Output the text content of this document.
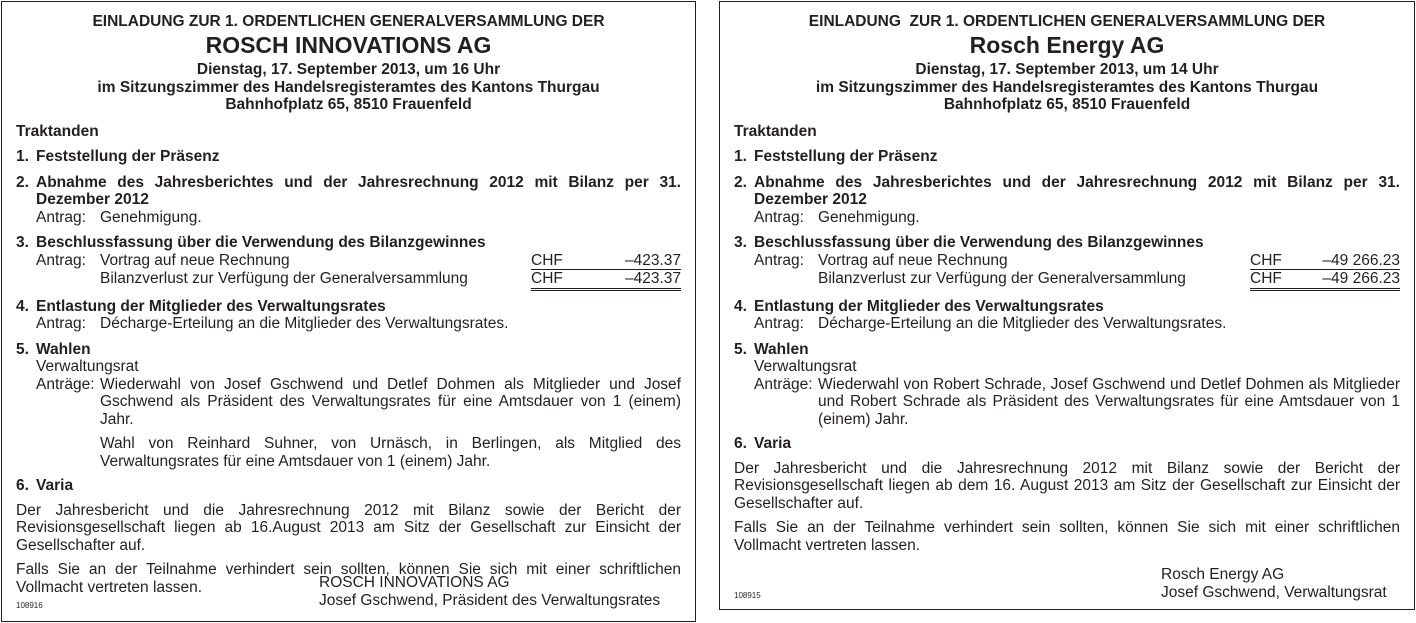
EINLADUNG ZUR 1. ORDENTLICHEN GENERALVERSAMMLUNG DER
ROSCH INNOVATIONS AG
Dienstag, 17. September 2013, um 16 Uhr
im Sitzungszimmer des Handelsregisteramtes des Kantons Thurgau
Bahnhofplatz 65, 8510 Frauenfeld
Traktanden
1. Feststellung der Präsenz
2. Abnahme des Jahresberichtes und der Jahresrechnung 2012 mit Bilanz per 31. Dezember 2012
Antrag: Genehmigung.
3. Beschlussfassung über die Verwendung des Bilanzgewinnes
Antrag: Vortrag auf neue Rechnung	CHF	–423.37
Bilanzverlust zur Verfügung der Generalversammlung	CHF	–423.37
4. Entlastung der Mitglieder des Verwaltungsrates
Antrag: Décharge-Erteilung an die Mitglieder des Verwaltungsrates.
5. Wahlen
Verwaltungsrat
Anträge: Wiederwahl von Josef Gschwend und Detlef Dohmen als Mitglieder und Josef Gschwend als Präsident des Verwaltungsrates für eine Amtsdauer von 1 (einem) Jahr.
Wahl von Reinhard Suhner, von Urnäsch, in Berlingen, als Mitglied des Verwaltungsrates für eine Amtsdauer von 1 (einem) Jahr.
6. Varia
Der Jahresbericht und die Jahresrechnung 2012 mit Bilanz sowie der Bericht der Revisionsgesellschaft liegen ab 16.August 2013 am Sitz der Gesellschaft zur Einsicht der Gesellschafter auf.
Falls Sie an der Teilnahme verhindert sein sollten, können Sie sich mit einer schriftlichen Vollmacht vertreten lassen.	ROSCH INNOVATIONS AG
Josef Gschwend, Präsident des Verwaltungsrates
108916
EINLADUNG  ZUR 1. ORDENTLICHEN GENERALVERSAMMLUNG DER
Rosch Energy AG
Dienstag, 17. September 2013, um 14 Uhr
im Sitzungszimmer des Handelsregisteramtes des Kantons Thurgau
Bahnhofplatz 65, 8510 Frauenfeld
Traktanden
1. Feststellung der Präsenz
2. Abnahme des Jahresberichtes und der Jahresrechnung 2012 mit Bilanz per 31. Dezember 2012
Antrag: Genehmigung.
3. Beschlussfassung über die Verwendung des Bilanzgewinnes
Antrag: Vortrag auf neue Rechnung	CHF	–49 266.23
Bilanzverlust zur Verfügung der Generalversammlung	CHF	–49 266.23
4. Entlastung der Mitglieder des Verwaltungsrates
Antrag: Décharge-Erteilung an die Mitglieder des Verwaltungsrates.
5. Wahlen
Verwaltungsrat
Anträge: Wiederwahl von Robert Schrade, Josef Gschwend und Detlef Dohmen als Mitglieder und Robert Schrade als Präsident des Verwaltungsrates für eine Amtsdauer von 1 (einem) Jahr.
6. Varia
Der Jahresbericht und die Jahresrechnung 2012 mit Bilanz sowie der Bericht der Revisionsgesellschaft liegen ab dem 16. August 2013 am Sitz der Gesellschaft zur Einsicht der Gesellschafter auf.
Falls Sie an der Teilnahme verhindert sein sollten, können Sie sich mit einer schriftlichen Vollmacht vertreten lassen.
Rosch Energy AG
Josef Gschwend, Verwaltungsrat
108915
